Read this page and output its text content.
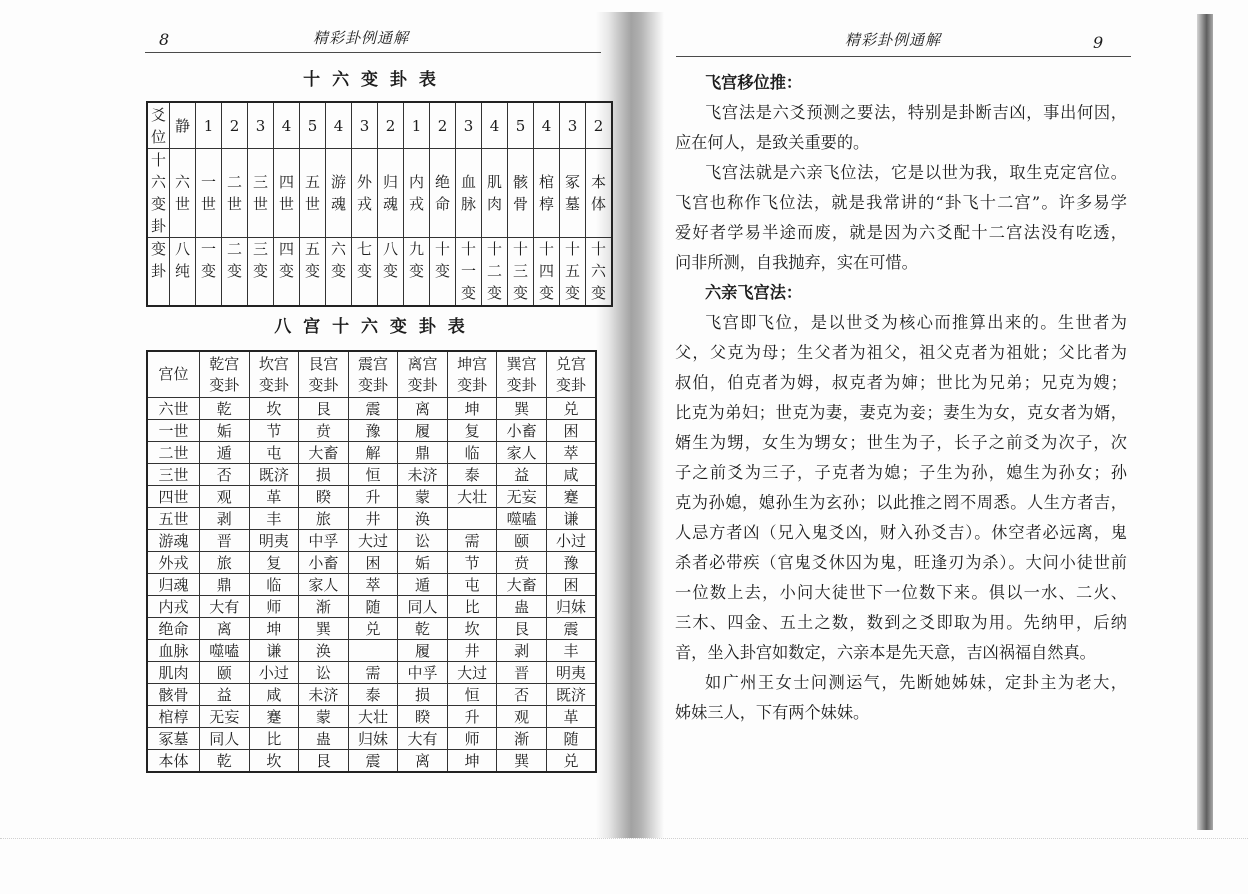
8	精彩卦例通解
十 六 变 卦 表
爻位	静	1	2	3	4	5	4	3	2	1	2	3	4	5	4	3	2
十六变卦	六世	一世	二世	三世	四世	五世	游魂	外戎	归魂	内戎	绝命	血脉	肌肉	骸骨	棺椁	冢墓	本体
变卦	八纯	一变	二变	三变	四变	五变	六变	七变	八变	九变	十变	十一变	十二变	十三变	十四变	十五变	十六变
八 宫 十 六 变 卦 表
宫位	乾宫变卦	坎宫变卦	艮宫变卦	震宫变卦	离宫变卦	坤宫变卦	巽宫变卦	兑宫变卦
六世	乾	坎	艮	震	离	坤	巽	兑
一世	姤	节	贲	豫	履	复	小畜	困
二世	遁	屯	大畜	解	鼎	临	家人	萃
三世	否	既济	损	恒	未济	泰	益	咸
四世	观	革	睽	升	蒙	大壮	无妄	蹇
五世	剥	丰	旅	井	涣		噬嗑	谦
游魂	晋	明夷	中孚	大过	讼	需	颐	小过
外戎	旅	复	小畜	困	姤	节	贲	豫
归魂	鼎	临	家人	萃	遁	屯	大畜	困
内戎	大有	师	渐	随	同人	比	蛊	归妹
绝命	离	坤	巽	兑	乾	坎	艮	震
血脉	噬嗑	谦	涣		履	井	剥	丰
肌肉	颐	小过	讼	需	中孚	大过	晋	明夷
骸骨	益	咸	未济	泰	损	恒	否	既济
棺椁	无妄	蹇	蒙	大壮	睽	升	观	革
冢墓	同人	比	蛊	归妹	大有	师	渐	随
本体	乾	坎	艮	震	离	坤	巽	兑
精彩卦例通解	9
飞宫移位推：
飞宫法是六爻预测之要法，特别是卦断吉凶，事出何因，
应在何人，是致关重要的。
飞宫法就是六亲飞位法，它是以世为我，取生克定宫位。
飞宫也称作飞位法，就是我常讲的“卦飞十二宫”。许多易学
爱好者学易半途而废，就是因为六爻配十二宫法没有吃透，
问非所测，自我抛弃，实在可惜。
六亲飞宫法：
飞宫即飞位，是以世爻为核心而推算出来的。生世者为
父，父克为母；生父者为祖父，祖父克者为祖妣；父比者为
叔伯，伯克者为姆，叔克者为婶；世比为兄弟；兄克为嫂；
比克为弟妇；世克为妻，妻克为妾；妻生为女，克女者为婿，
婿生为甥，女生为甥女；世生为子，长子之前爻为次子，次
子之前爻为三子，子克者为媳；子生为孙，媳生为孙女；孙
克为孙媳，媳孙生为玄孙；以此推之罔不周悉。人生方者吉，
人忌方者凶（兄入鬼爻凶，财入孙爻吉）。休空者必远离，鬼
杀者必带疾（官鬼爻休囚为鬼，旺逢刃为杀）。大问小徒世前
一位数上去，小问大徒世下一位数下来。俱以一水、二火、
三木、四金、五土之数，数到之爻即取为用。先纳甲，后纳
音，坐入卦宫如数定，六亲本是先天意，吉凶祸福自然真。
如广州王女士问测运气，先断她姊妹，定卦主为老大，
姊妹三人，下有两个妹妹。
